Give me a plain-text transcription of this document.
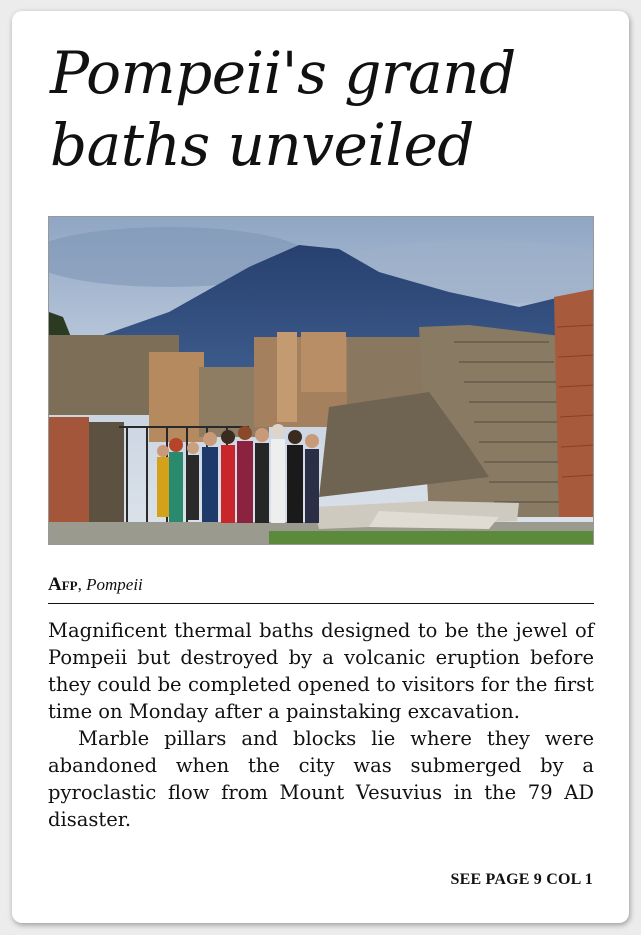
Pompeii's grand
baths unveiled
Afp, Pompeii

Magnificent thermal baths designed to be the jewel of Pompeii but destroyed by a volcanic eruption before they could be completed opened to visitors for the first time on Monday after a painstaking excavation.

Marble pillars and blocks lie where they were abandoned when the city was submerged by a pyroclastic flow from Mount Vesuvius in the 79 AD disaster.

SEE PAGE 9 COL 1
